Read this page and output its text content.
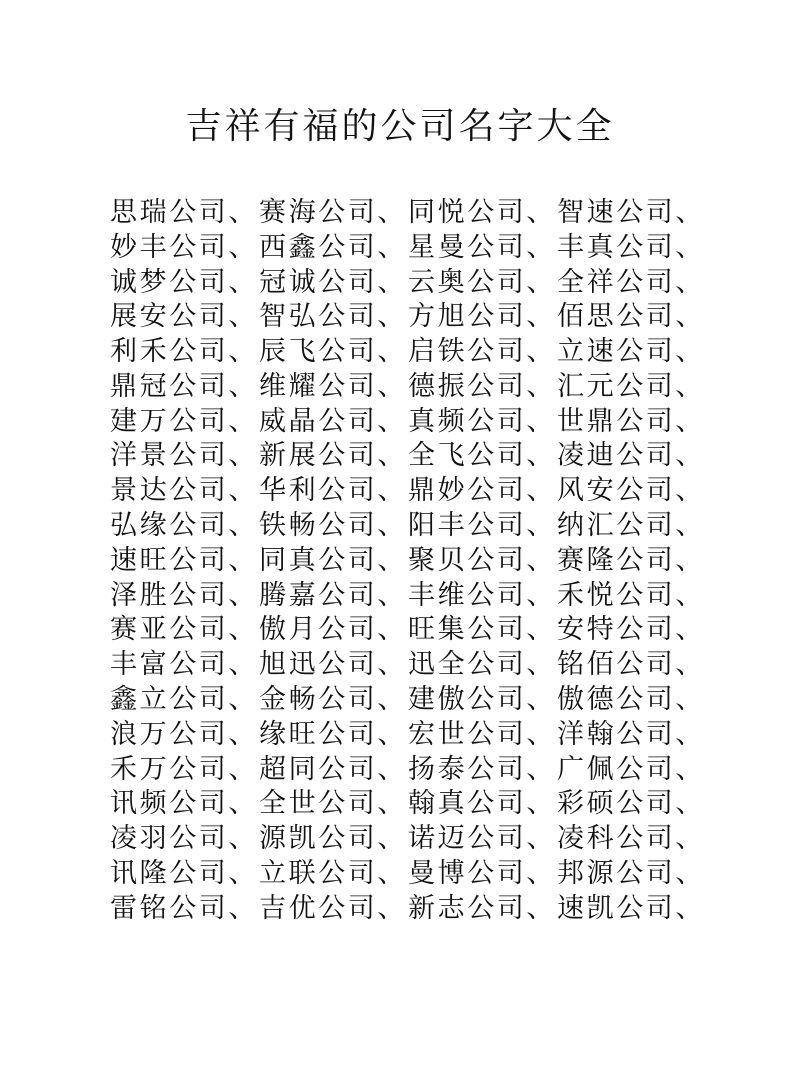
吉祥有福的公司名字大全
思瑞公司、 赛海公司、 同悦公司、 智速公司、
妙丰公司、 西鑫公司、 星曼公司、 丰真公司、
诚梦公司、 冠诚公司、 云奥公司、 全祥公司、
展安公司、 智弘公司、 方旭公司、 佰思公司、
利禾公司、 辰飞公司、 启铁公司、 立速公司、
鼎冠公司、 维耀公司、 德振公司、 汇元公司、
建万公司、 威晶公司、 真频公司、 世鼎公司、
洋景公司、 新展公司、 全飞公司、 凌迪公司、
景达公司、 华利公司、 鼎妙公司、 风安公司、
弘缘公司、 铁畅公司、 阳丰公司、 纳汇公司、
速旺公司、 同真公司、 聚贝公司、 赛隆公司、
泽胜公司、 腾嘉公司、 丰维公司、 禾悦公司、
赛亚公司、 傲月公司、 旺集公司、 安特公司、
丰富公司、 旭迅公司、 迅全公司、 铭佰公司、
鑫立公司、 金畅公司、 建傲公司、 傲德公司、
浪万公司、 缘旺公司、 宏世公司、 洋翰公司、
禾万公司、 超同公司、 扬泰公司、 广佩公司、
讯频公司、 全世公司、 翰真公司、 彩硕公司、
凌羽公司、 源凯公司、 诺迈公司、 凌科公司、
讯隆公司、 立联公司、 曼博公司、 邦源公司、
雷铭公司、 吉优公司、 新志公司、 速凯公司、
